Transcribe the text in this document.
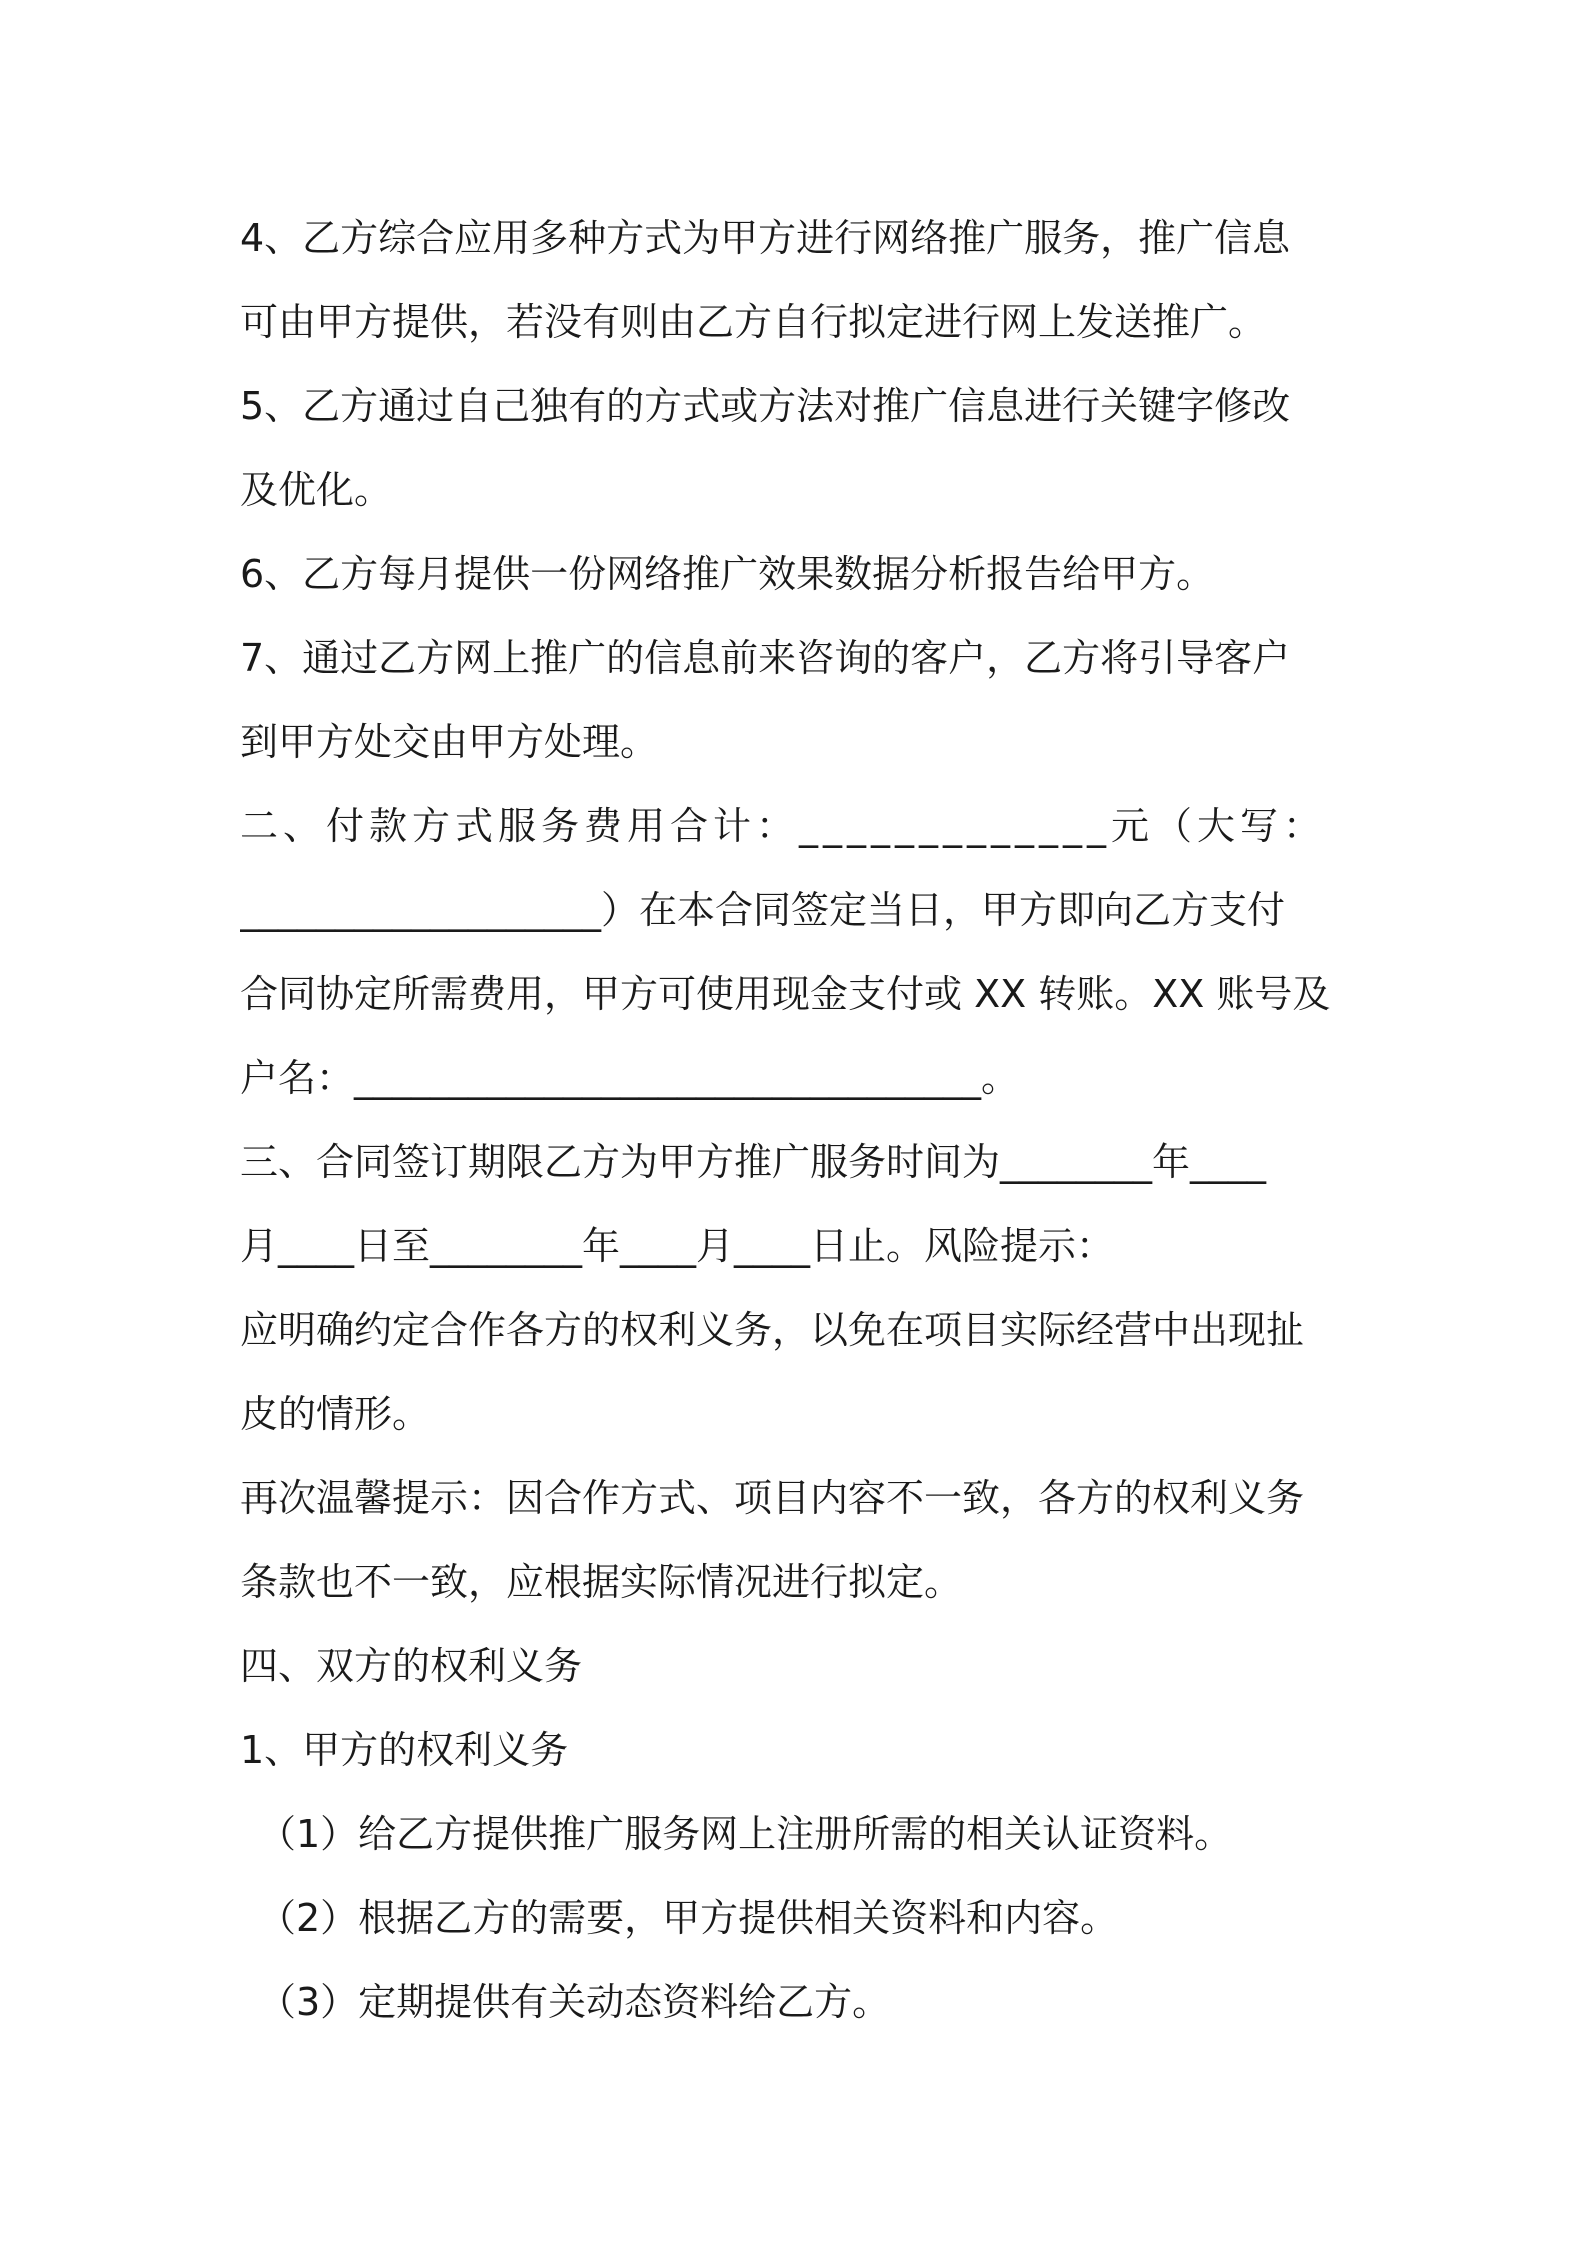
4、乙方综合应用多种方式为甲方进行网络推广服务，推广信息
可由甲方提供，若没有则由乙方自行拟定进行网上发送推广。
5、乙方通过自己独有的方式或方法对推广信息进行关键字修改
及优化。
6、乙方每月提供一份网络推广效果数据分析报告给甲方。
7、通过乙方网上推广的信息前来咨询的客户，乙方将引导客户
到甲方处交由甲方处理。
二、付款方式服务费用合计：_____________元（大写：
___________________）在本合同签定当日，甲方即向乙方支付
合同协定所需费用，甲方可使用现金支付或 XX 转账。XX 账号及
户名：_________________________________。
三、合同签订期限乙方为甲方推广服务时间为________年____
月____日至________年____月____日止。风险提示：
应明确约定合作各方的权利义务，以免在项目实际经营中出现扯
皮的情形。
再次温馨提示：因合作方式、项目内容不一致，各方的权利义务
条款也不一致，应根据实际情况进行拟定。
四、双方的权利义务
1、甲方的权利义务
（1）给乙方提供推广服务网上注册所需的相关认证资料。
（2）根据乙方的需要，甲方提供相关资料和内容。
（3）定期提供有关动态资料给乙方。
